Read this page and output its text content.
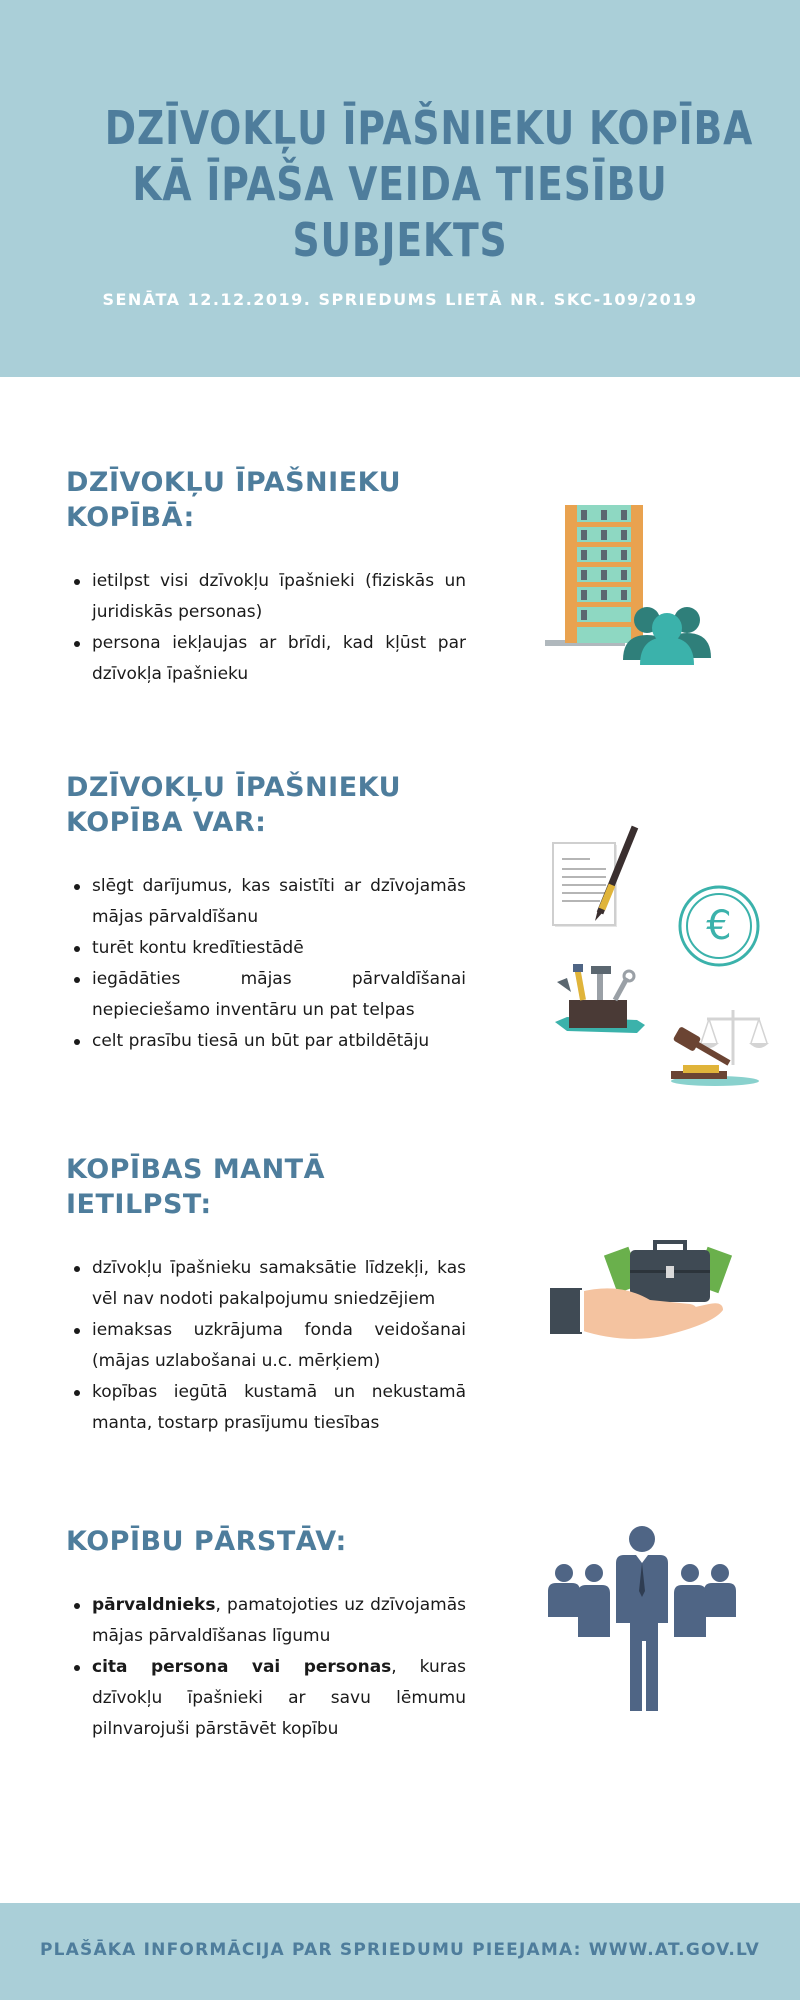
DZĪVOKĻU ĪPAŠNIEKU KOPĪBA
KĀ ĪPAŠA VEIDA TIESĪBU
SUBJEKTS
SENĀTA 12.12.2019. SPRIEDUMS LIETĀ NR. SKC-109/2019
DZĪVOKĻU ĪPAŠNIEKU
KOPĪBĀ:
ietilpst visi dzīvokļu īpašnieki (fiziskās un juridiskās personas)
persona iekļaujas ar brīdi, kad kļūst par dzīvokļa īpašnieku
DZĪVOKĻU ĪPAŠNIEKU
KOPĪBA VAR:
slēgt darījumus, kas saistīti ar dzīvojamās mājas pārvaldīšanu
turēt kontu kredītiestādē
iegādāties mājas pārvaldīšanai nepieciešamo inventāru un pat telpas
celt prasību tiesā un būt par atbildētāju
€
KOPĪBAS MANTĀ
IETILPST:
dzīvokļu īpašnieku samaksātie līdzekļi, kas vēl nav nodoti pakalpojumu sniedzējiem
iemaksas uzkrājuma fonda veidošanai (mājas uzlabošanai u.c. mērķiem)
kopības iegūtā kustamā un nekustamā manta, tostarp prasījumu tiesības
KOPĪBU PĀRSTĀV:
pārvaldnieks, pamatojoties uz dzīvojamās mājas pārvaldīšanas līgumu
cita persona vai personas, kuras dzīvokļu īpašnieki ar savu lēmumu pilnvarojuši pārstāvēt kopību
PLAŠĀKA INFORMĀCIJA PAR SPRIEDUMU PIEEJAMA: WWW.AT.GOV.LV
